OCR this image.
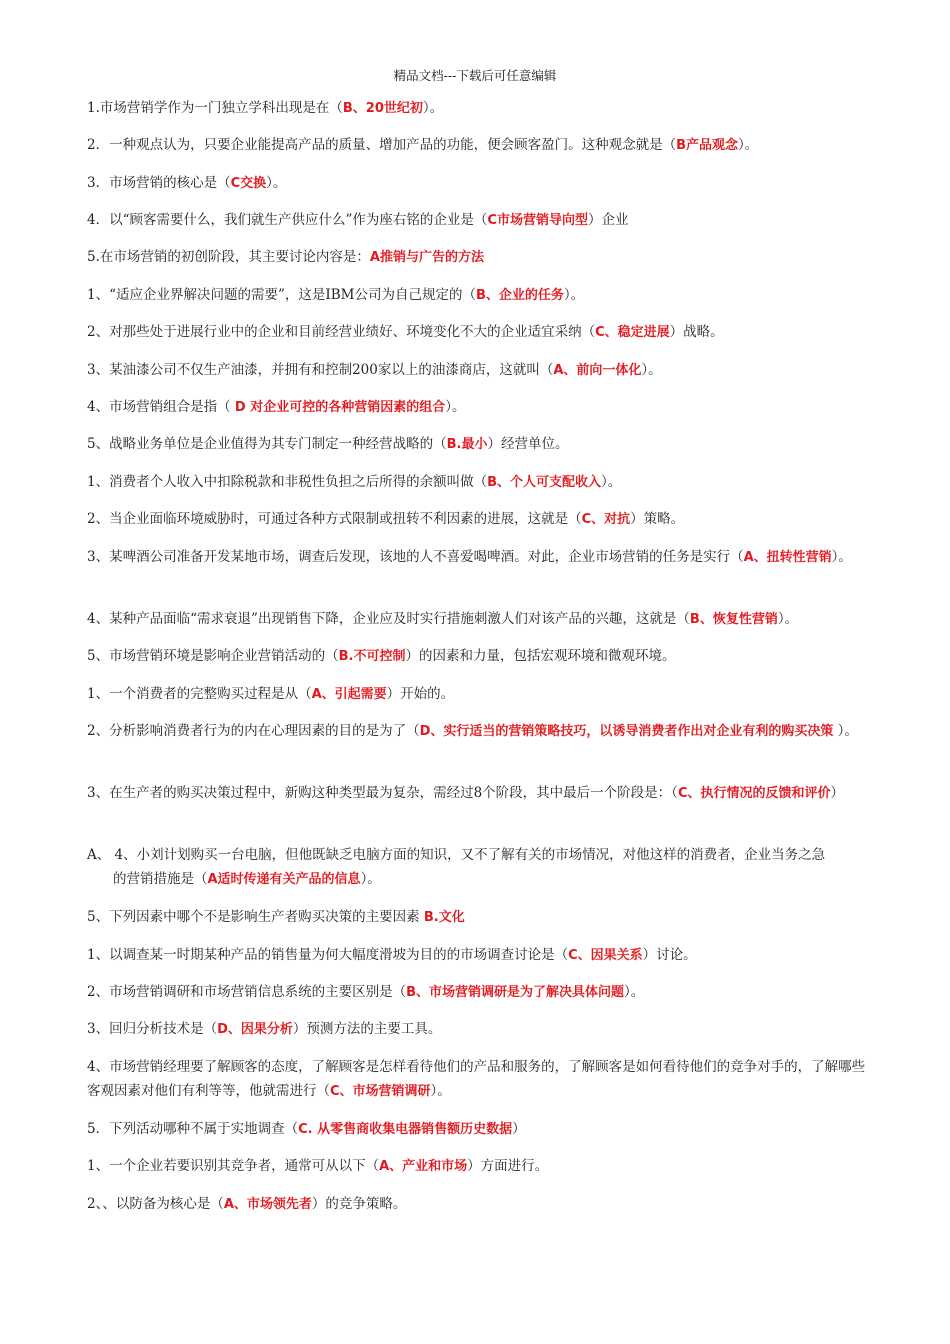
精品文档---下载后可任意编辑
1.市场营销学作为一门独立学科出现是在（B、20世纪初）。
2．一种观点认为，只要企业能提高产品的质量、增加产品的功能，便会顾客盈门。这种观念就是（B产品观念）。
3．市场营销的核心是（C交换）。
4．以“顾客需要什么，我们就生产供应什么”作为座右铭的企业是（C市场营销导向型）企业
5.在市场营销的初创阶段，其主要讨论内容是：A推销与广告的方法
1、“适应企业界解决问题的需要”，这是IBM公司为自己规定的（B、企业的任务）。
2、对那些处于进展行业中的企业和目前经营业绩好、环境变化不大的企业适宜采纳（C、稳定进展）战略。
3、某油漆公司不仅生产油漆，并拥有和控制200家以上的油漆商店，这就叫（A、前向一体化）。
4、市场营销组合是指（ D 对企业可控的各种营销因素的组合）。
5、战略业务单位是企业值得为其专门制定一种经营战略的（B.最小）经营单位。
1、消费者个人收入中扣除税款和非税性负担之后所得的余额叫做（B、个人可支配收入）。
2、当企业面临环境威胁时，可通过各种方式限制或扭转不利因素的进展，这就是（C、对抗）策略。
3、某啤酒公司准备开发某地市场，调查后发现，该地的人不喜爱喝啤酒。对此，企业市场营销的任务是实行（A、扭转性营销）。
4、某种产品面临“需求衰退”出现销售下降，企业应及时实行措施刺激人们对该产品的兴趣，这就是（B、恢复性营销）。
5、市场营销环境是影响企业营销活动的（B.不可控制）的因素和力量，包括宏观环境和微观环境。
1、一个消费者的完整购买过程是从（A、引起需要）开始的。
2、分析影响消费者行为的内在心理因素的目的是为了（D、实行适当的营销策略技巧，以诱导消费者作出对企业有利的购买决策 ）。
3、在生产者的购买决策过程中，新购这种类型最为复杂，需经过8个阶段，其中最后一个阶段是：（C、执行情况的反馈和评价）
A、 4、小刘计划购买一台电脑，但他既缺乏电脑方面的知识，又不了解有关的市场情况，对他这样的消费者，企业当务之急
的营销措施是（A适时传递有关产品的信息）。
5、下列因素中哪个不是影响生产者购买决策的主要因素 B.文化
1、以调查某一时期某种产品的销售量为何大幅度滑坡为目的的市场调查讨论是（C、因果关系）讨论。
2、市场营销调研和市场营销信息系统的主要区别是（B、市场营销调研是为了解决具体问题）。
3、回归分析技术是（D、因果分析）预测方法的主要工具。
4、市场营销经理要了解顾客的态度，了解顾客是怎样看待他们的产品和服务的，了解顾客是如何看待他们的竞争对手的，了解哪些客观因素对他们有利等等，他就需进行（C、市场营销调研）。
5．下列活动哪种不属于实地调查（C. 从零售商收集电器销售额历史数据）
1、一个企业若要识别其竞争者，通常可从以下（A、产业和市场）方面进行。
2、、以防备为核心是（A、市场领先者）的竞争策略。
